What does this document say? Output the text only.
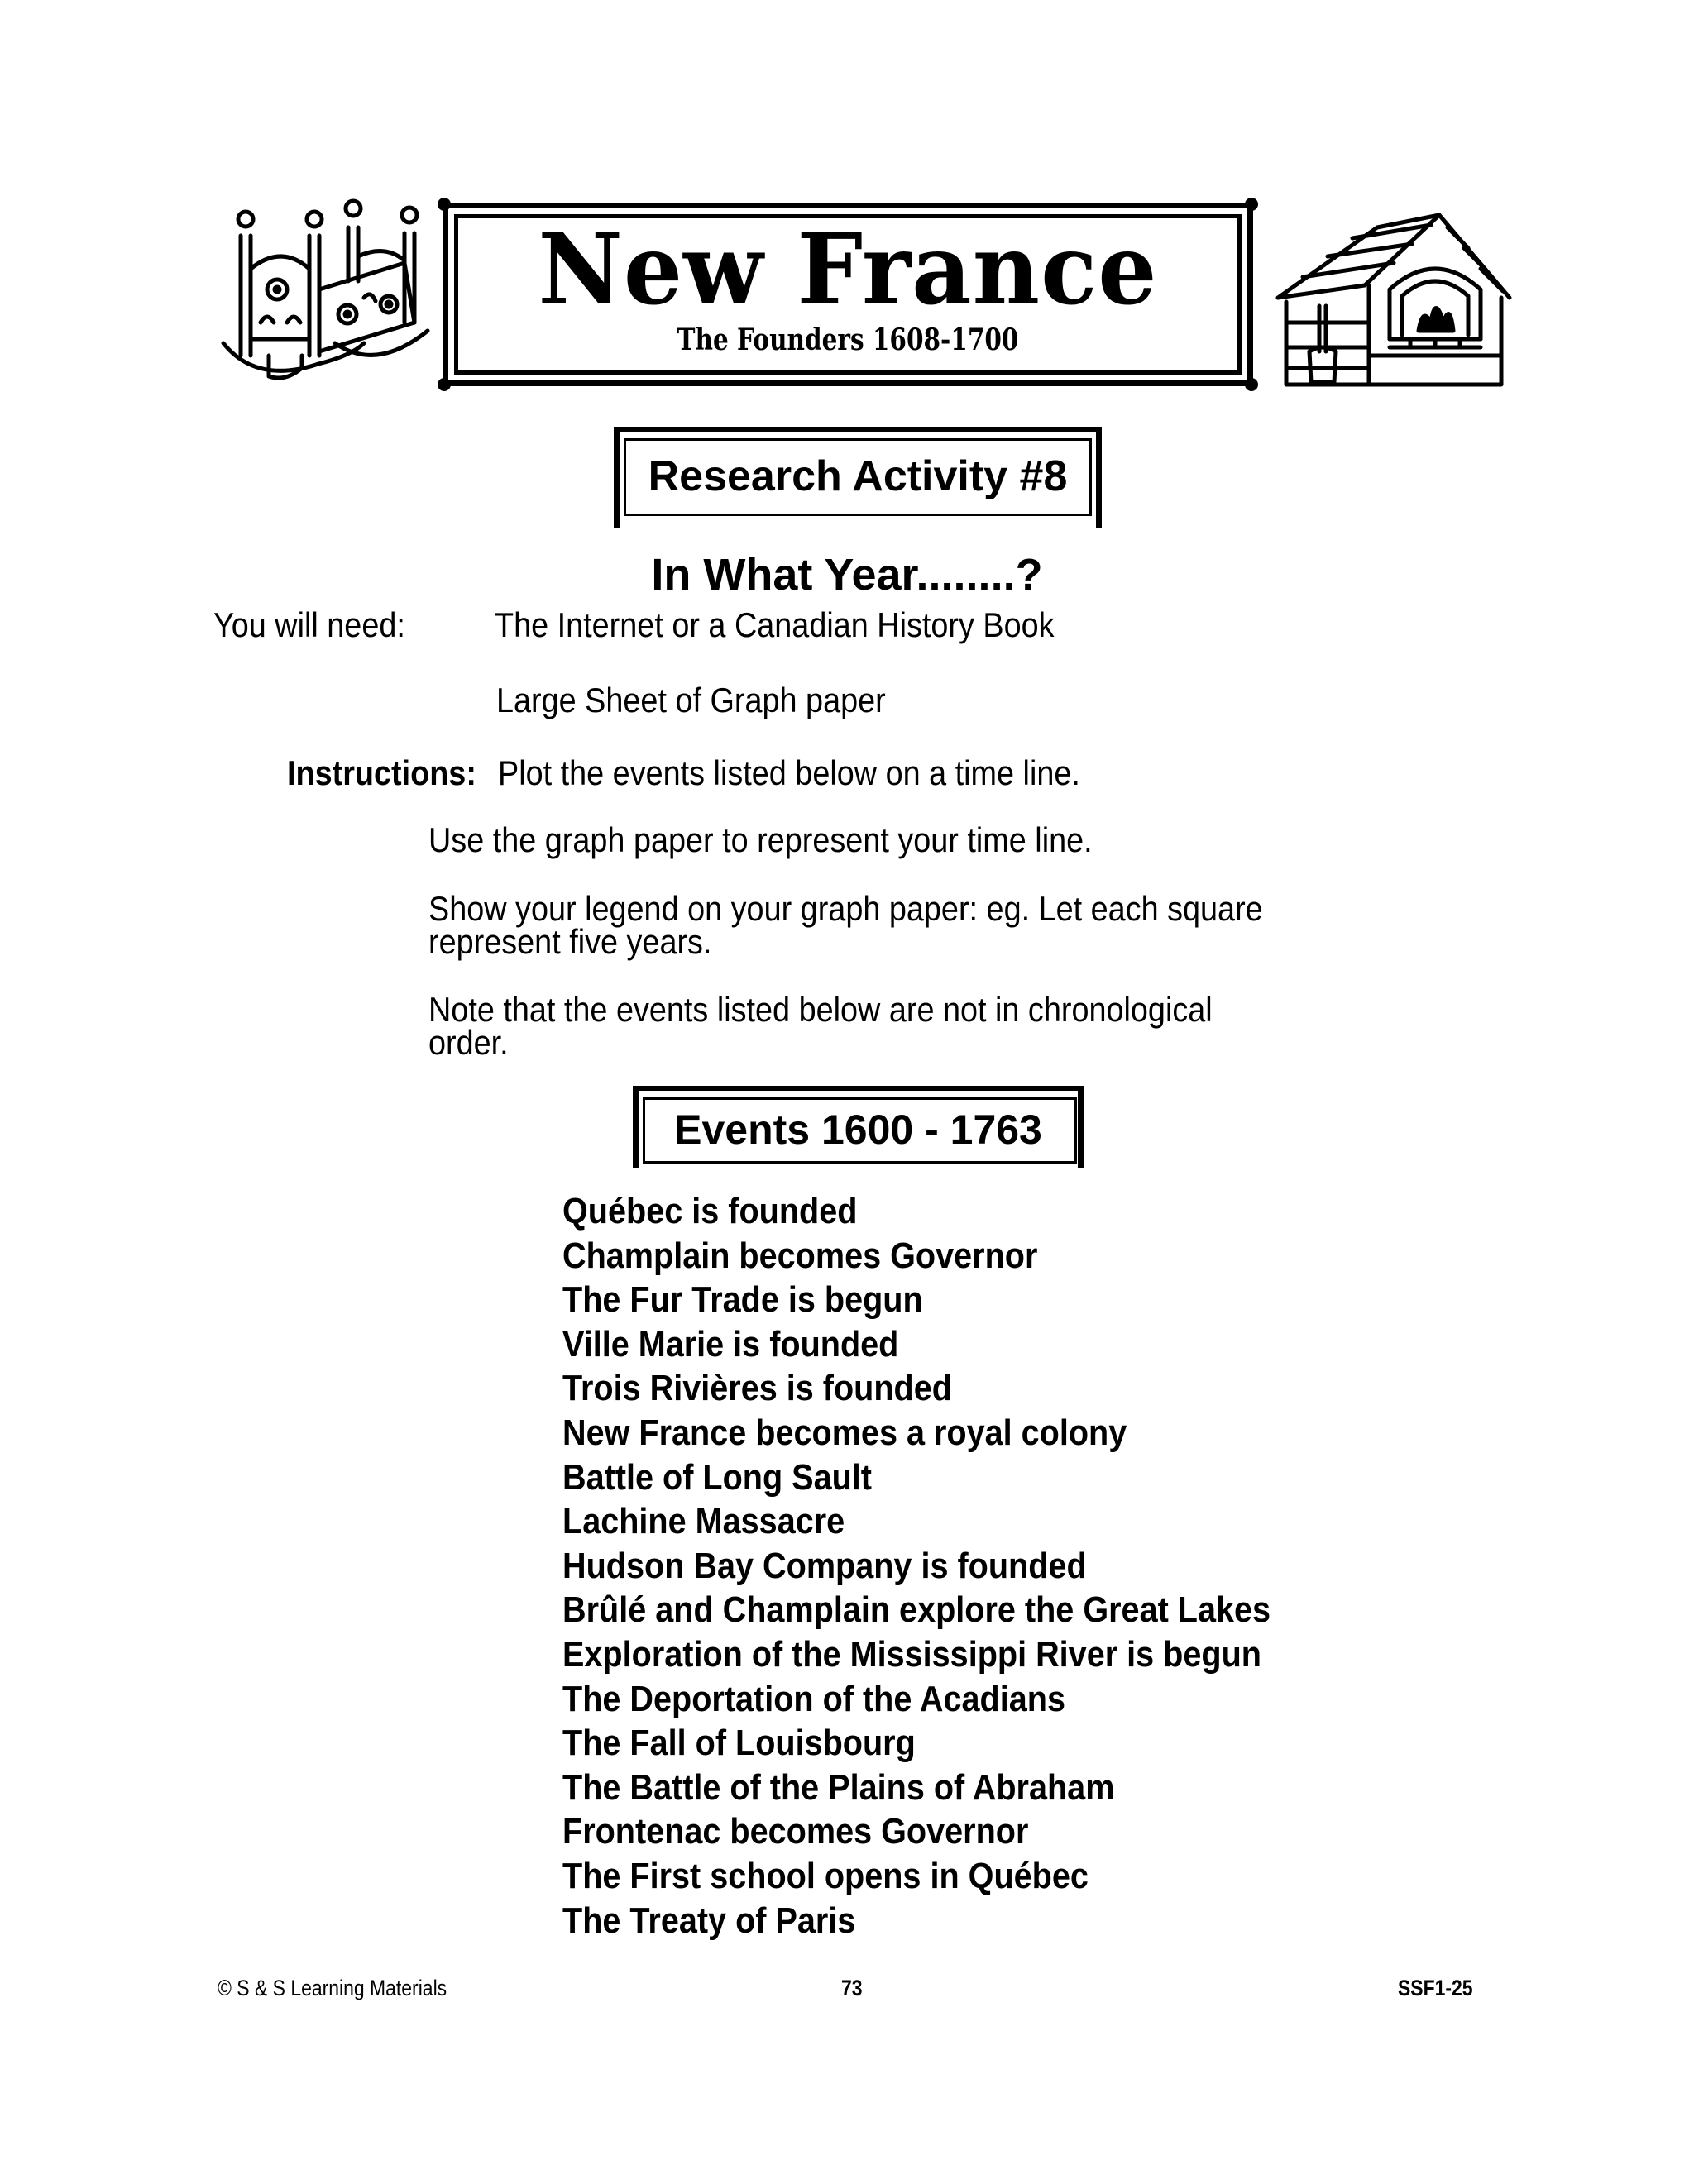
New France
The Founders 1608-1700
Research Activity #8
In What Year........?
You will need:	The Internet or a Canadian History Book
Large Sheet of Graph paper
Instructions: Plot the events listed below on a time line.
Use the graph paper to represent your time line.
Show your legend on your graph paper: eg. Let each square
represent five years.
Note that the events listed below are not in chronological
order.
Events 1600 - 1763
Québec is founded
Champlain becomes Governor
The Fur Trade is begun
Ville Marie is founded
Trois Rivières is founded
New France becomes a royal colony
Battle of Long Sault
Lachine Massacre
Hudson Bay Company is founded
Brûlé and Champlain explore the Great Lakes
Exploration of the Mississippi River is begun
The Deportation of the Acadians
The Fall of Louisbourg
The Battle of the Plains of Abraham
Frontenac becomes Governor
The First school opens in Québec
The Treaty of Paris
© S & S Learning Materials	73	SSF1-25
